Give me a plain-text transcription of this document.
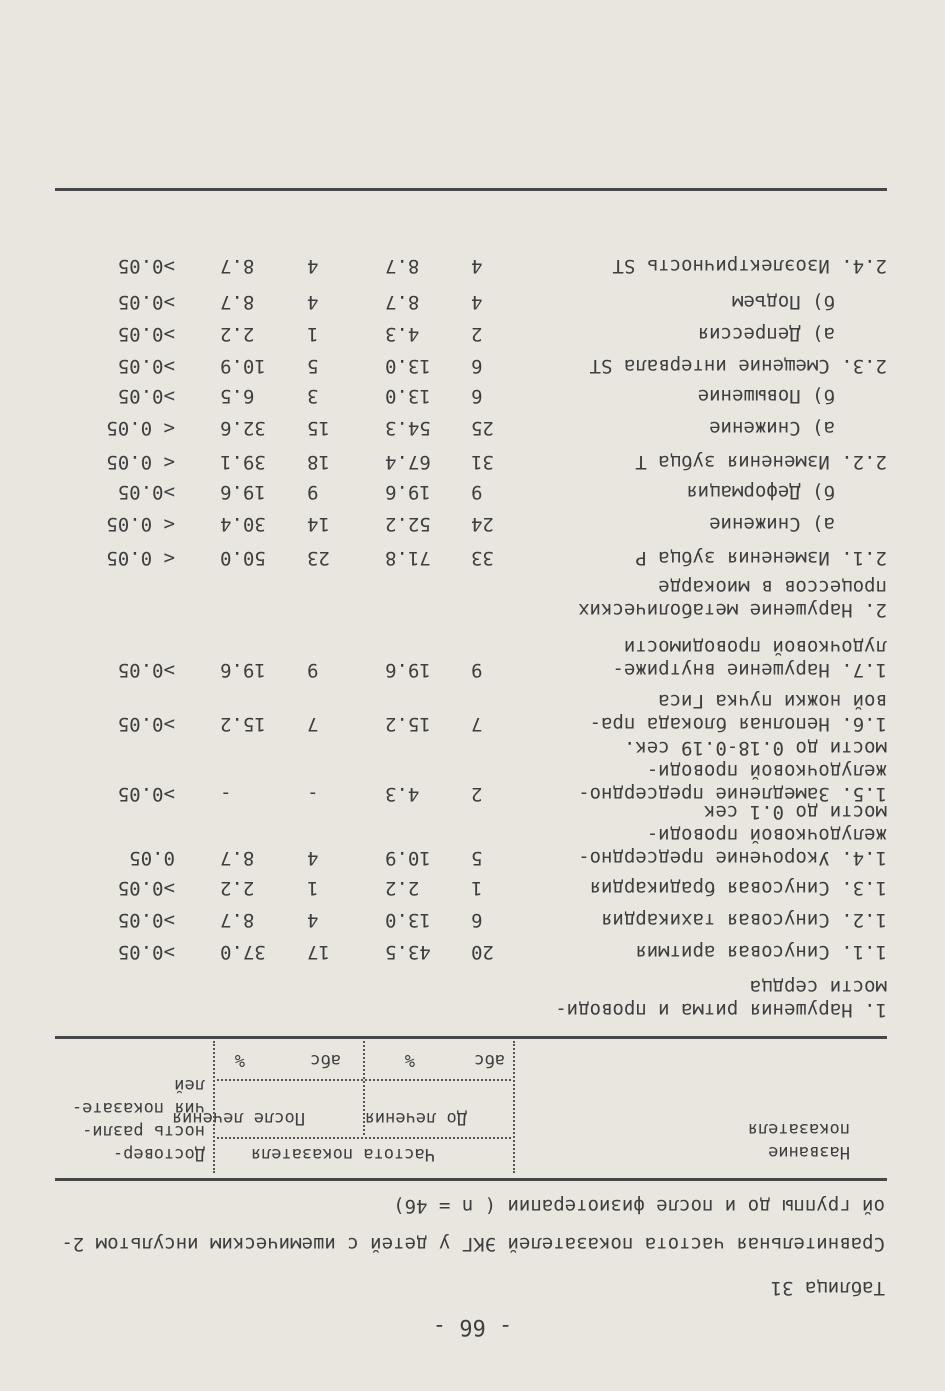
- 66 -
Таблица 31
Сравнительная частота показателей ЭКГ у детей с ишемическим инсультом 2-ой группы до и после физиотерапии ( n = 46)
Название
показателя
Частота показателя
До лечения
После лечения
абс
%
абс
%
Достовер-
ность разли-
чия показате-
лей
1. Нарушения ритма и проводи-
мости сердца
1.1. Синусовая аритмия
20
43.5
17
37.0
>0.05
1.2. Синусовая тахикардия
6
13.0
4
8.7
>0.05
1.3. Синусовая брадикардия
1
2.2
1
2.2
>0.05
1.4. Укорочение предсердно-
желудочковой проводи-
мости до 0.1 сек
5
10.9
4
8.7
0.05
1.5. Замедление предсердно-
желудочковой проводи-
мости до 0.18-0.19 сек.
2
4.3
-
-
>0.05
1.6. Неполная блокада пра-
вой ножки пучка Гиса
7
15.2
7
15.2
>0.05
1.7. Нарушение внутриже-
лудочковой проводимости
9
19.6
9
19.6
>0.05
2. Нарушение метаболических
процессов в миокарде
2.1. Изменения зубца P
33
71.8
23
50.0
< 0.05
а) Снижение
24
52.2
14
30.4
< 0.05
б) Деформация
9
19.6
9
19.6
>0.05
2.2. Изменения зубца T
31
67.4
18
39.1
< 0.05
а) Снижение
25
54.3
15
32.6
< 0.05
б) Повышение
6
13.0
3
6.5
>0.05
2.3. Смещение интервала ST
6
13.0
5
10.9
>0.05
а) Депрессия
2
4.3
1
2.2
>0.05
б) Подъем
4
8.7
4
8.7
>0.05
2.4. Изоэлектричность ST
4
8.7
4
8.7
>0.05
